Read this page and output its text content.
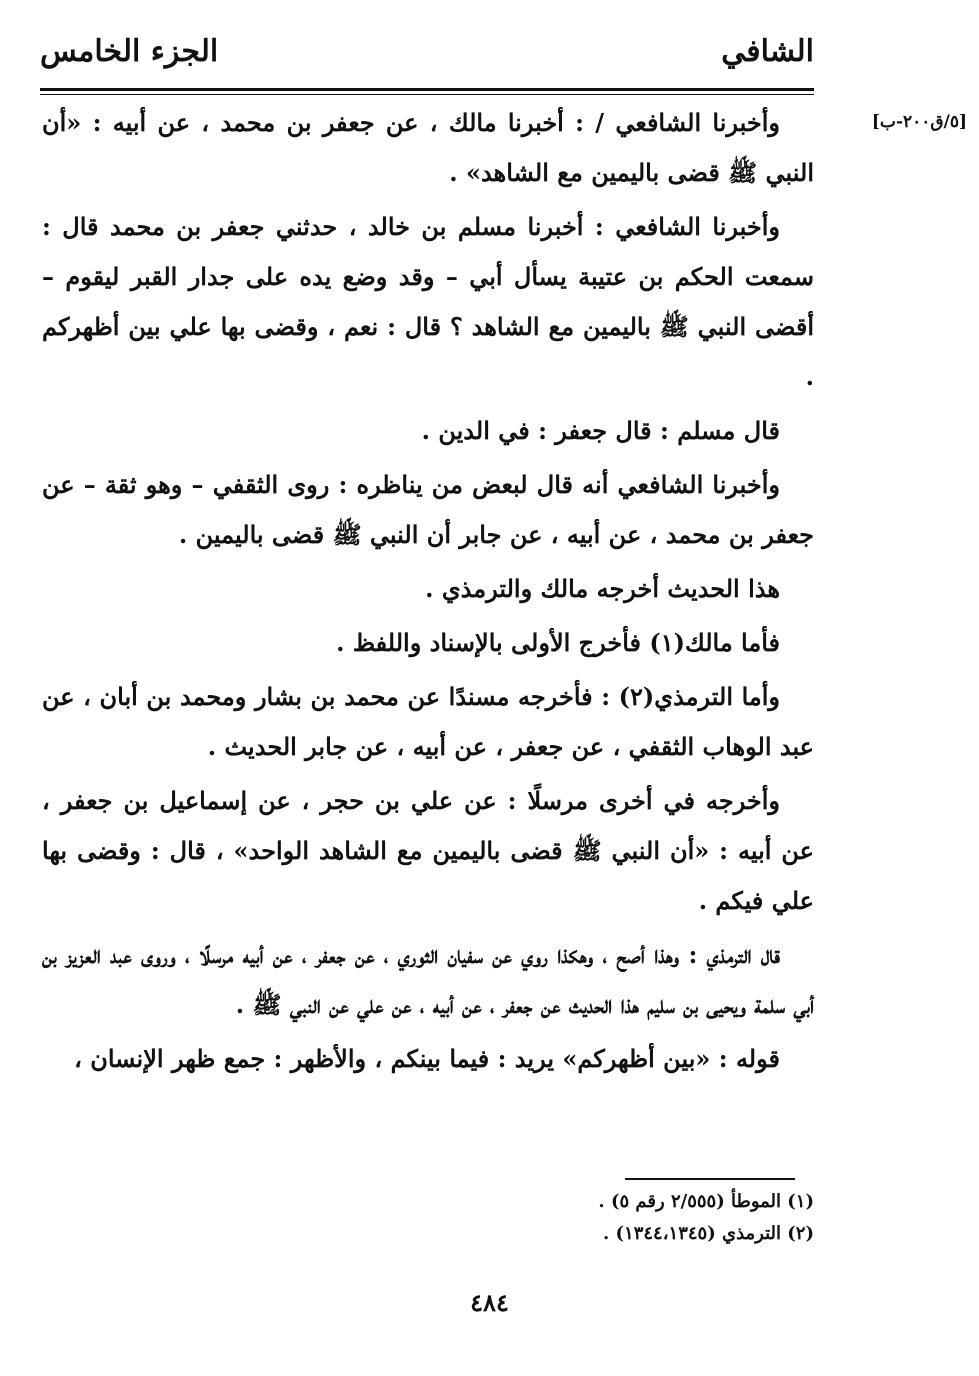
الشافي
الجزء الخامس
[٥/ق٢٠٠-ب]

وأخبرنا الشافعي / : أخبرنا مالك ، عن جعفر بن محمد ، عن أبيه : «أن النبي ﷺ قضى باليمين مع الشاهد» .

وأخبرنا الشافعي : أخبرنا مسلم بن خالد ، حدثني جعفر بن محمد قال : سمعت الحكم بن عتيبة يسأل أبي – وقد وضع يده على جدار القبر ليقوم – أقضى النبي ﷺ باليمين مع الشاهد ؟ قال : نعم ، وقضى بها علي بين أظهركم .

قال مسلم : قال جعفر : في الدين .

وأخبرنا الشافعي أنه قال لبعض من يناظره : روى الثقفي – وهو ثقة – عن جعفر بن محمد ، عن أبيه ، عن جابر أن النبي ﷺ قضى باليمين .

هذا الحديث أخرجه مالك والترمذي .

فأما مالك(١) فأخرج الأولى بالإسناد واللفظ .

وأما الترمذي(٢) : فأخرجه مسندًا عن محمد بن بشار ومحمد بن أبان ، عن عبد الوهاب الثقفي ، عن جعفر ، عن أبيه ، عن جابر الحديث .

وأخرجه في أخرى مرسلًا : عن علي بن حجر ، عن إسماعيل بن جعفر ، عن أبيه : «أن النبي ﷺ قضى باليمين مع الشاهد الواحد» ، قال : وقضى بها علي فيكم .

قال الترمذي : وهذا أصح ، وهكذا روي عن سفيان الثوري ، عن جعفر ، عن أبيه مرسلًا ، وروى عبد العزيز بن أبي سلمة ويحيى بن سليم هذا الحديث عن جعفر ، عن أبيه ، عن علي عن النبي ﷺ .

قوله : «بين أظهركم» يريد : فيما بينكم ، والأظهر : جمع ظهر الإنسان ،

(١) الموطأ (٢/٥٥٥ رقم ٥) .
(٢) الترمذي (١٣٤٤،١٣٤٥) .
٤٨٤
